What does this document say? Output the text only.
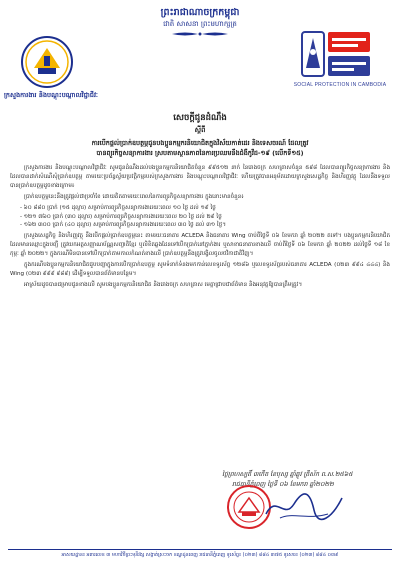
ព្រះរាជាណាចក្រកម្ពុជា
ជាតិ សាសនា ព្រះមហាក្សត្រ
ក្រសួងការងារ និងបណ្តុះបណ្តាលវិជ្ជាជីវៈ
SOCIAL PROTECTION IN CAMBODIA
សេចក្តីជូនដំណឹង
ស្តីពី
ការបើកផ្តល់ប្រាក់ឧបត្ថម្ភជូនបងប្អូនកម្មករនិយោជិតក្នុងវិស័យកាត់ដេរ និងទេសចរណ៍ ដែលត្រូវ
បានព្យួរកិច្ចសន្យាការងារ ស្របតាមស្ថានភាពនៃការប្រឈមនឹងជំងឺកូវីដ-១៩ (លើកទី១៥)

ក្រសួងការងារ និងបណ្តុះបណ្តាលវិជ្ជាជីវៈ សូមជូនដំណឹងដល់បងប្អូនកម្មករនិយោជិតចំនួន ៩៩៥១២ នាក់ នៃរោងចក្រ សហគ្រាសចំនួន ៥៩៨ ដែលបានព្យួរកិច្ចសន្យាការងារ និងដែលបានដាក់សំណើសុំប្រាក់ឧបត្ថម្ភ តាមរយៈប្រព័ន្ធស្វ័យប្រវត្តិកម្មរបស់ក្រសួងការងារ និងបណ្តុះបណ្តាលវិជ្ជាជីវៈ ហើយត្រូវបានអនុម័តដោយក្រសួងសេដ្ឋកិច្ច និងហិរញ្ញវត្ថុ ដែលនឹងទទួលបានប្រាក់ឧបត្ថម្ភដូចខាងក្រោម៖

ប្រាក់ឧបត្ថម្ភនេះនឹងត្រូវផ្តល់ជាប្រចាំខែ ដោយគិតតាមរយៈពេលនៃការព្យួរកិច្ចសន្យាការងារ ក្នុងនោះមានចំនួន៖

- ៦០ ៨៨០ ប្រាក់ (១៥ ដុល្លារ) សម្រាប់ការព្យួរកិច្ចសន្យាការងាររយៈពេល ១០ ថ្ងៃ ដល់ ១៩ ថ្ងៃ
- ១២១ ៧៦០ ប្រាក់ (៣០ ដុល្លារ) សម្រាប់ការព្យួរកិច្ចសន្យាការងាររយៈពេល ២០ ថ្ងៃ ដល់ ២៩ ថ្ងៃ
- ១៦២ ៣០០ ប្រាក់ (៤០ ដុល្លារ) សម្រាប់ការព្យួរកិច្ចសន្យាការងាររយៈពេល ៣០ ថ្ងៃ ដល់ ៣១ ថ្ងៃ។

ក្រសួងសេដ្ឋកិច្ច និងហិរញ្ញវត្ថុ នឹងបើកផ្តល់ប្រាក់ឧបត្ថម្ភនេះ តាមរយៈធនាគារ ACLEDA និងធនាគារ Wing ចាប់ពីថ្ងៃទី ០៦ ខែមករា ឆ្នាំ ២០២២ តទៅ។ បងប្អូនកម្មករនិយោជិតដែលមានឈ្មោះក្នុងបញ្ជី ត្រូវយកអត្តសញ្ញាណប័ណ្ណសញ្ជាតិខ្មែរ ឬលិខិតឆ្លងដែនទៅបើកប្រាក់នៅភ្នាក់ងារ ឬសាខាធនាគារខាងលើ ចាប់ពីថ្ងៃទី ០៦ ខែមករា ឆ្នាំ ២០២២ ដល់ថ្ងៃទី ១៨ ខែកុម្ភៈ ឆ្នាំ ២០២២។ ក្នុងករណីមិនបានទៅបើកប្រាក់តាមកាលកំណត់ខាងលើ ប្រាក់ឧបត្ថម្ភនឹងត្រូវបង្វិលចូលថវិកាជាតិវិញ។

ក្នុងករណីបងប្អូនកម្មករនិយោជិតជួបបញ្ហាក្នុងការបើកប្រាក់ឧបត្ថម្ភ សូមទំនាក់ទំនងមកកាន់លេខទូរស័ព្ទ ១២៨៦ ឬលេខទូរស័ព្ទរបស់ធនាគារ ACLEDA (០២៣ ៩៩៤ ៤៤៤) និង Wing (០២៣ ៩៩៩ ៩៨៩) ដើម្បីទទួលបានព័ត៌មានបន្ថែម។

អាស្រ័យដូចបានជម្រាបជូនខាងលើ សូមបងប្អូនកម្មករនិយោជិត និងរោងចក្រ សហគ្រាស មេត្តាជ្រាបជាព័ត៌មាន និងអនុវត្តឱ្យបានត្រឹមត្រូវ។

ថ្ងៃព្រហស្បតិ៍ ៣កើត ខែបុស្ស ឆ្នាំឆ្លូវ ត្រីស័ក ព.ស.២៥៦៥
រាជធានីភ្នំពេញ ថ្ងៃទី ០៦ ខែមករា ឆ្នាំ២០២២
អាសយដ្ឋាន៖ អគារលេខ ៣ មហាវិថីព្រះមុនីវង្ស សង្កាត់ស្រះចក ខណ្ឌដូនពេញ រាជធានីភ្នំពេញ ទូរស័ព្ទ៖ (០២៣) ៨៨៤ ៣៧៥ ទូរសារ៖ (០២៣) ៨៨៤ ០៣៩
